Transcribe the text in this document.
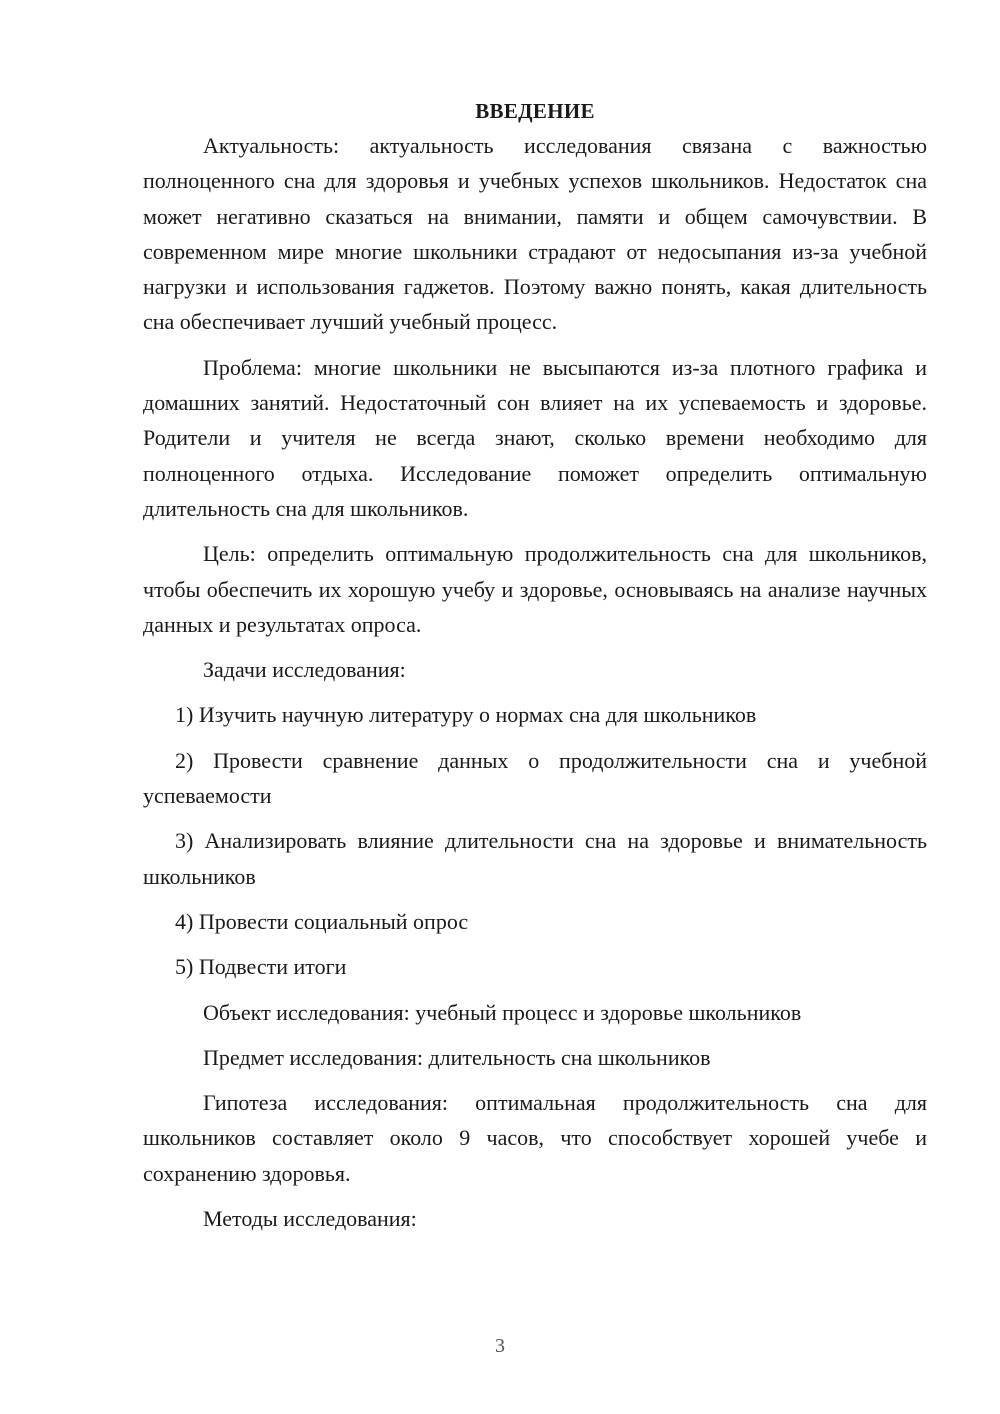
ВВЕДЕНИЕ

Актуальность: актуальность исследования связана с важностью полноценного сна для здоровья и учебных успехов школьников. Недостаток сна может негативно сказаться на внимании, памяти и общем самочувствии. В современном мире многие школьники страдают от недосыпания из-за учебной нагрузки и использования гаджетов. Поэтому важно понять, какая длительность сна обеспечивает лучший учебный процесс.

Проблема: многие школьники не высыпаются из-за плотного графика и домашних занятий. Недостаточный сон влияет на их успеваемость и здоровье. Родители и учителя не всегда знают, сколько времени необходимо для полноценного отдыха. Исследование поможет определить оптимальную длительность сна для школьников.

Цель: определить оптимальную продолжительность сна для школьников, чтобы обеспечить их хорошую учебу и здоровье, основываясь на анализе научных данных и результатах опроса.

Задачи исследования:

1) Изучить научную литературу о нормах сна для школьников

2) Провести сравнение данных о продолжительности сна и учебной успеваемости

3) Анализировать влияние длительности сна на здоровье и внимательность школьников

4) Провести социальный опрос

5) Подвести итоги

Объект исследования: учебный процесс и здоровье школьников

Предмет исследования: длительность сна школьников

Гипотеза исследования: оптимальная продолжительность сна для школьников составляет около 9 часов, что способствует хорошей учебе и сохранению здоровья.

Методы исследования:

3
